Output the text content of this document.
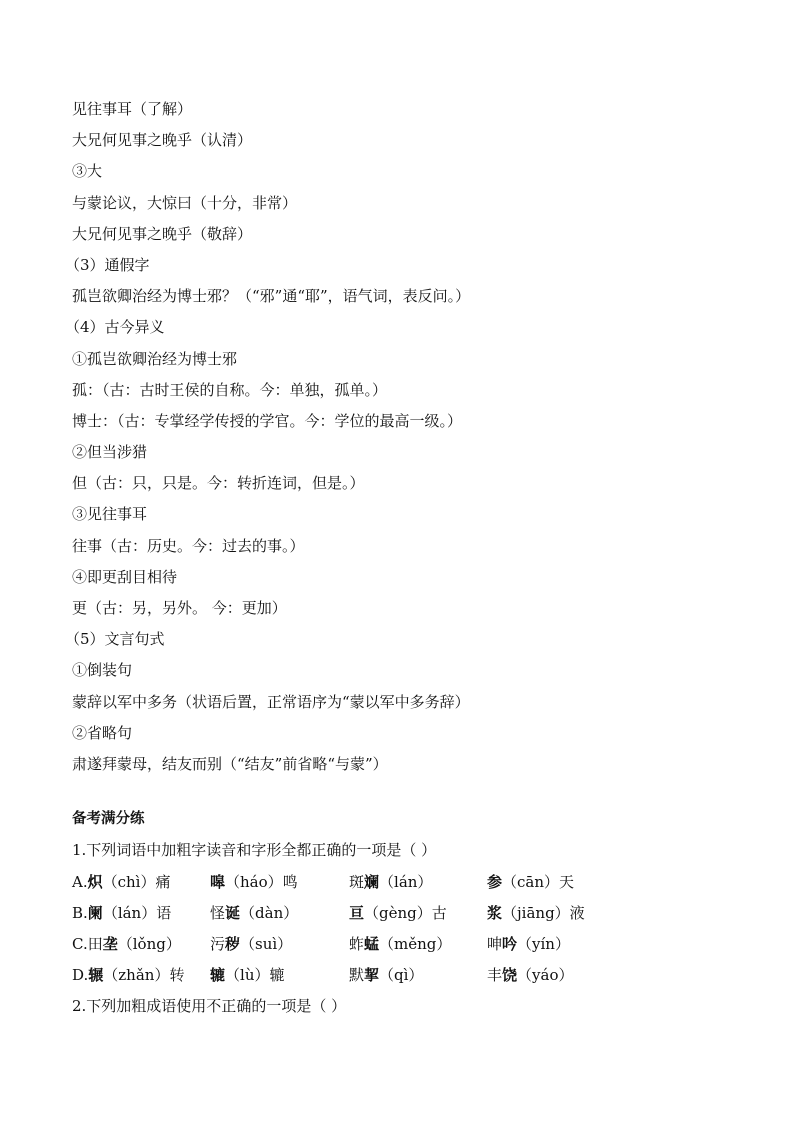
见往事耳（了解）
大兄何见事之晚乎（认清）
③大
与蒙论议，大惊曰（十分，非常）
大兄何见事之晚乎（敬辞）
（3）通假字
孤岂欲卿治经为博士邪？（“邪”通“耶”，语气词，表反问。）
（4）古今异义
①孤岂欲卿治经为博士邪
孤：（古：古时王侯的自称。今：单独，孤单。）
博士：（古：专掌经学传授的学官。今：学位的最高一级。）
②但当涉猎
但（古：只，只是。今：转折连词，但是。）
③见往事耳
往事（古：历史。今：过去的事。）
④即更刮目相待
更（古：另，另外。 今：更加）
（5）文言句式
①倒装句
蒙辞以军中多务（状语后置，正常语序为“蒙以军中多务辞）
②省略句
肃遂拜蒙母，结友而别（“结友”前省略“与蒙”）
备考满分练
1.下列词语中加粗字读音和字形全都正确的一项是（ ）
A.炽（chì）痛	嗥（háo）鸣	斑斓（lán）	参（cān）天
B.阑（lán）语	怪诞（dàn）	亘（gèng）古	浆（jiāng）液
C.田垄（lǒng）	污秽（suì）	蚱蜢（měng）	呻吟（yín）
D.辗（zhǎn）转	辘（lù）辘	默挈（qì）	丰饶（yáo）
2.下列加粗成语使用不正确的一项是（ ）
